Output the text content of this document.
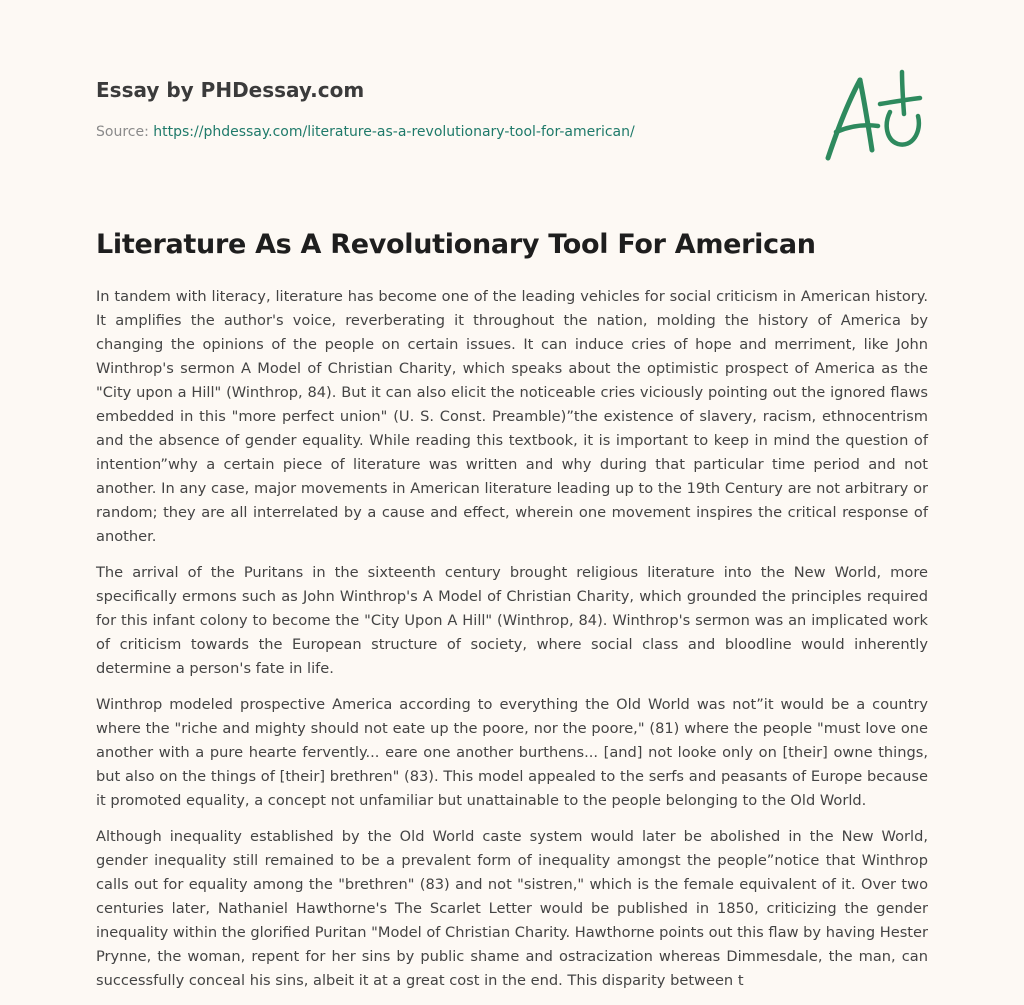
Essay by PHDessay.com
Source: https://phdessay.com/literature-as-a-revolutionary-tool-for-american/
Literature As A Revolutionary Tool For American

In tandem with literacy, literature has become one of the leading vehicles for social criticism in American history. It amplifies the author's voice, reverberating it throughout the nation, molding the history of America by changing the opinions of the people on certain issues. It can induce cries of hope and merriment, like John Winthrop's sermon A Model of Christian Charity, which speaks about the optimistic prospect of America as the "City upon a Hill" (Winthrop, 84). But it can also elicit the noticeable cries viciously pointing out the ignored flaws embedded in this "more perfect union" (U. S. Const. Preamble)”the existence of slavery, racism, ethnocentrism and the absence of gender equality. While reading this textbook, it is important to keep in mind the question of intention”why a certain piece of literature was written and why during that particular time period and not another. In any case, major movements in American literature leading up to the 19th Century are not arbitrary or random; they are all interrelated by a cause and effect, wherein one movement inspires the critical response of another.

The arrival of the Puritans in the sixteenth century brought religious literature into the New World, more specifically ermons such as John Winthrop's A Model of Christian Charity, which grounded the principles required for this infant colony to become the "City Upon A Hill" (Winthrop, 84). Winthrop's sermon was an implicated work of criticism towards the European structure of society, where social class and bloodline would inherently determine a person's fate in life.

Winthrop modeled prospective America according to everything the Old World was not”it would be a country where the "riche and mighty should not eate up the poore, nor the poore," (81) where the people "must love one another with a pure hearte fervently... eare one another burthens... [and] not looke only on [their] owne things, but also on the things of [their] brethren" (83). This model appealed to the serfs and peasants of Europe because it promoted equality, a concept not unfamiliar but unattainable to the people belonging to the Old World.

Although inequality established by the Old World caste system would later be abolished in the New World, gender inequality still remained to be a prevalent form of inequality amongst the people”notice that Winthrop calls out for equality among the "brethren" (83) and not "sistren," which is the female equivalent of it. Over two centuries later, Nathaniel Hawthorne's The Scarlet Letter would be published in 1850, criticizing the gender inequality within the glorified Puritan "Model of Christian Charity. Hawthorne points out this flaw by having Hester Prynne, the woman, repent for her sins by public shame and ostracization whereas Dimmesdale, the man, can successfully conceal his sins, albeit it at a great cost in the end. This disparity between t
